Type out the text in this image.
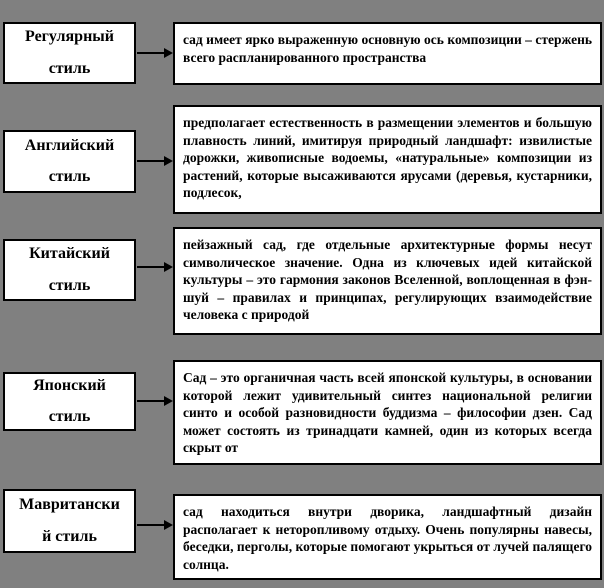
Регулярный
стиль

сад имеет ярко выраженную основную ось композиции – стержень всего распланированного пространства

Английский
стиль

предполагает естественность в размещении элементов и большую плавность линий, имитируя природный ландшафт: извилистые дорожки, живописные водоемы, «натуральные» композиции из растений, которые высаживаются ярусами (деревья, кустарники, подлесок,

Китайский
стиль

пейзажный сад, где отдельные архитектурные формы несут символическое значение. Одна из ключевых идей китайской культуры – это гармония законов Вселенной, воплощенная в фэн-шуй – правилах и принципах, регулирующих взаимодействие человека с природой

Японский
стиль

Сад – это органичная часть всей японской культуры, в основании которой лежит удивительный синтез национальной религии синто и особой разновидности буддизма – философии дзен. Сад может состоять из тринадцати камней, один из которых всегда скрыт от

Мавритански
й стиль

сад находиться внутри дворика, ландшафтный дизайн располагает к неторопливому отдыху. Очень популярны навесы, беседки, перголы, которые помогают укрыться от лучей палящего солнца.
